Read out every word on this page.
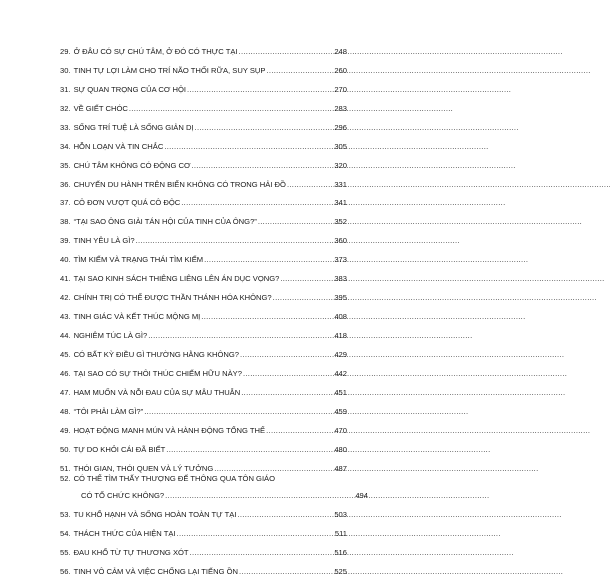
29. Ở ĐÂU CÓ SỰ CHÚ TÂM, Ở ĐÓ CÓ THỰC TẠI . . .	248
30. TINH TỰ LỢI LÀM CHO TRÍ NÃO THỐI RỮA, SUY SỤP . . .	260
31. SỰ QUAN TRỌNG CỦA CƠ HỘI . . .	270
32. VỀ GIẾT CHÓC . . .	283
33. SỐNG TRÍ TUỆ LÀ SỐNG GIẢN DỊ . . .	296
34. HỖN LOẠN VÀ TIN CHẮC . . .	305
35. CHÚ TÂM KHÔNG CÓ ĐỘNG CƠ . . .	320
36. CHUYẾN DU HÀNH TRÊN BIỂN KHÔNG CÓ TRONG HẢI ĐỒ . . .	331
37. CÔ ĐƠN VƯỢT QUÁ CÔ ĐỘC . . .	341
38. “TẠI SAO ÔNG GIẢI TÁN HỘI CỦA TINH CỦA ÔNG?” . . .	352
39. TINH YÊU LÀ GÌ? . . .	360
40. TÌM KIẾM VÀ TRẠNG THÁI TÌM KIẾM . . .	373
41. TẠI SAO KINH SÁCH THIÊNG LIÊNG LÊN ÁN DỤC VỌNG? . . .	383
42. CHÍNH TRỊ CÓ THỂ ĐƯỢC THẦN THÁNH HÓA KHÔNG? . . .	395
43. TINH GIÁC VÀ KẾT THÚC MỘNG MỊ . . .	408
44. NGHIÊM TÚC LÀ GÌ? . . .	418
45. CÓ BẤT KỲ ĐIỀU GÌ THƯỜNG HẰNG KHÔNG? . . .	429
46. TẠI SAO CÓ SỰ THÔI THÚC CHIẾM HỮU NÀY? . . .	442
47. HAM MUỐN VÀ NỖI ĐAU CỦA SỰ MÂU THUẪN . . .	451
48. “TÔI PHẢI LÀM GÌ?” . . .	459
49. HOẠT ĐỘNG MANH MÚN VÀ HÀNH ĐỘNG TỔNG THỂ . . .	470
50. TỰ DO KHỎI CÁI ĐÃ BIẾT . . .	480
51. THÓI GIAN, THÓI QUEN VÀ LÝ TƯỞNG . . .	487
52. CÓ THỂ TÌM THẤY THƯỢNG ĐẾ THÔNG QUA TÔN GIÁO
CÓ TỔ CHỨC KHÔNG? . . .	494
53. TU KHỔ HẠNH VÀ SỐNG HOÀN TOÀN TỰ TẠI . . .	503
54. THÁCH THỨC CỦA HIỆN TẠI . . .	511
55. ĐAU KHỔ TỪ TỰ THƯƠNG XÓT . . .	516
56. TINH VÔ CẢM VÀ VIỆC CHỐNG LẠI TIẾNG ỒN . . .	525
